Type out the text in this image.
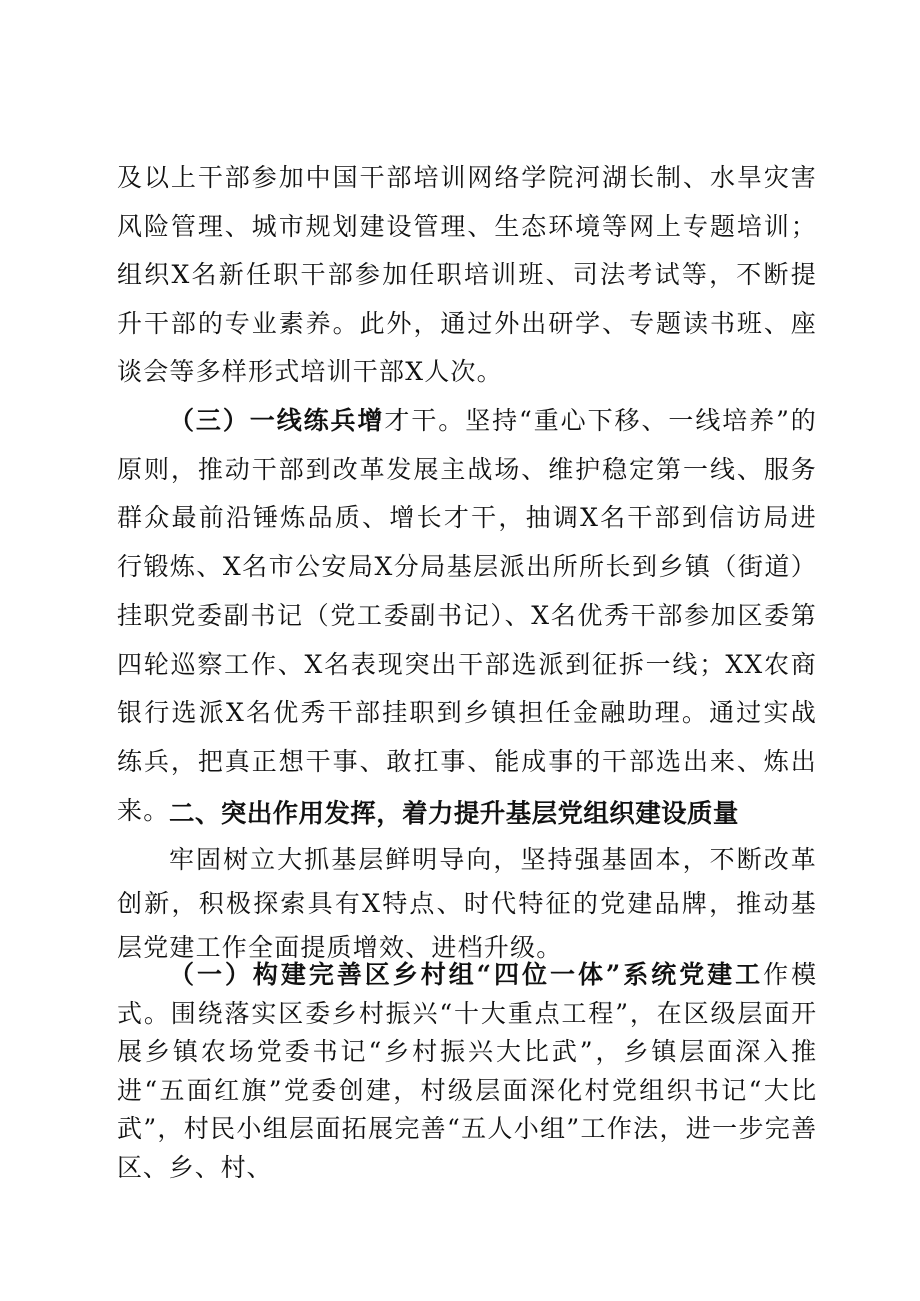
及以上干部参加中国干部培训网络学院河湖长制、水旱灾害风险管理、城市规划建设管理、生态环境等网上专题培训；组织X名新任职干部参加任职培训班、司法考试等，不断提升干部的专业素养。此外，通过外出研学、专题读书班、座谈会等多样形式培训干部X人次。

（三）一线练兵增才干。坚持“重心下移、一线培养”的原则，推动干部到改革发展主战场、维护稳定第一线、服务群众最前沿锤炼品质、增长才干，抽调X名干部到信访局进行锻炼、X名市公安局X分局基层派出所所长到乡镇（街道）挂职党委副书记（党工委副书记）、X名优秀干部参加区委第四轮巡察工作、X名表现突出干部选派到征拆一线；XX农商银行选派X名优秀干部挂职到乡镇担任金融助理。通过实战练兵，把真正想干事、敢扛事、能成事的干部选出来、炼出来。 二、突出作用发挥，着力提升基层党组织建设质量

牢固树立大抓基层鲜明导向，坚持强基固本，不断改革创新，积极探索具有X特点、时代特征的党建品牌，推动基层党建工作全面提质增效、进档升级。

（一）构建完善区乡村组“四位一体”系统党建工作模式。围绕落实区委乡村振兴“十大重点工程”，在区级层面开展乡镇农场党委书记“乡村振兴大比武”，乡镇层面深入推进“五面红旗”党委创建，村级层面深化村党组织书记“大比武”，村民小组层面拓展完善“五人小组”工作法，进一步完善区、乡、村、
